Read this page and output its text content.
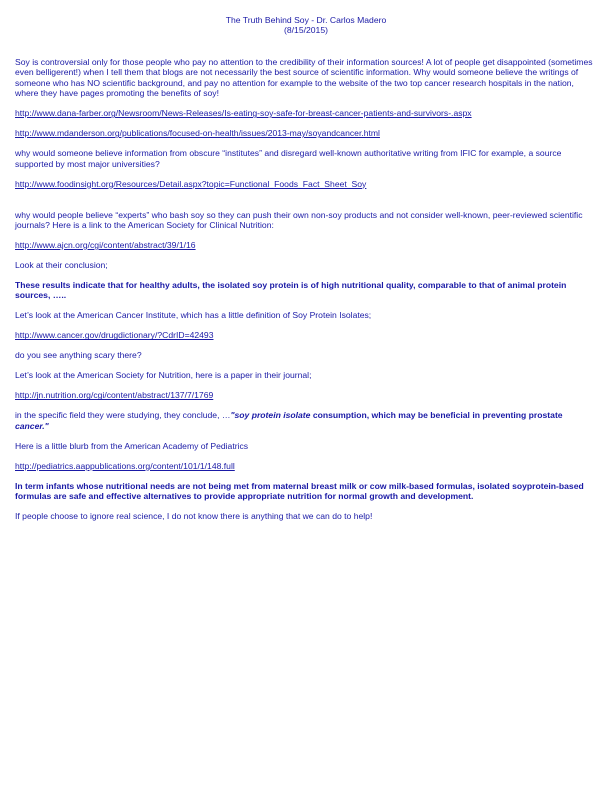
The Truth Behind Soy - Dr. Carlos Madero
(8/15/2015)

Soy is controversial only for those people who pay no attention to the credibility of their information sources! A lot of people get disappointed (sometimes even belligerent!) when I tell them that blogs are not necessarily the best source of scientific information. Why would someone believe the writings of someone who has NO scientific background, and pay no attention for example to the website of the two top cancer research hospitals in the nation, where they have pages promoting the benefits of soy!

http://www.dana-farber.org/Newsroom/News-Releases/Is-eating-soy-safe-for-breast-cancer-patients-and-survivors-.aspx

http://www.mdanderson.org/publications/focused-on-health/issues/2013-may/soyandcancer.html

why would someone believe information from obscure “institutes” and disregard well-known authoritative writing from IFIC for example, a source supported by most major universities?

http://www.foodinsight.org/Resources/Detail.aspx?topic=Functional_Foods_Fact_Sheet_Soy

why would people believe “experts” who bash soy so they can push their own non-soy products and not consider well-known, peer-reviewed scientific journals? Here is a link to the American Society for Clinical Nutrition:

http://www.ajcn.org/cgi/content/abstract/39/1/16

Look at their conclusion;

These results indicate that for healthy adults, the isolated soy protein is of high nutritional quality, comparable to that of animal protein sources, …..

Let’s look at the American Cancer Institute, which has a little definition of Soy Protein Isolates;

http://www.cancer.gov/drugdictionary/?CdrID=42493

do you see anything scary there?

Let’s look at the American Society for Nutrition, here is a paper in their journal;

http://jn.nutrition.org/cgi/content/abstract/137/7/1769

in the specific field they were studying, they conclude, …"soy protein isolate consumption, which may be beneficial in preventing prostate cancer."

Here is a little blurb from the American Academy of Pediatrics

http://pediatrics.aappublications.org/content/101/1/148.full

In term infants whose nutritional needs are not being met from maternal breast milk or cow milk-based formulas, isolated soyprotein-based formulas are safe and effective alternatives to provide appropriate nutrition for normal growth and development.

If people choose to ignore real science, I do not know there is anything that we can do to help!
